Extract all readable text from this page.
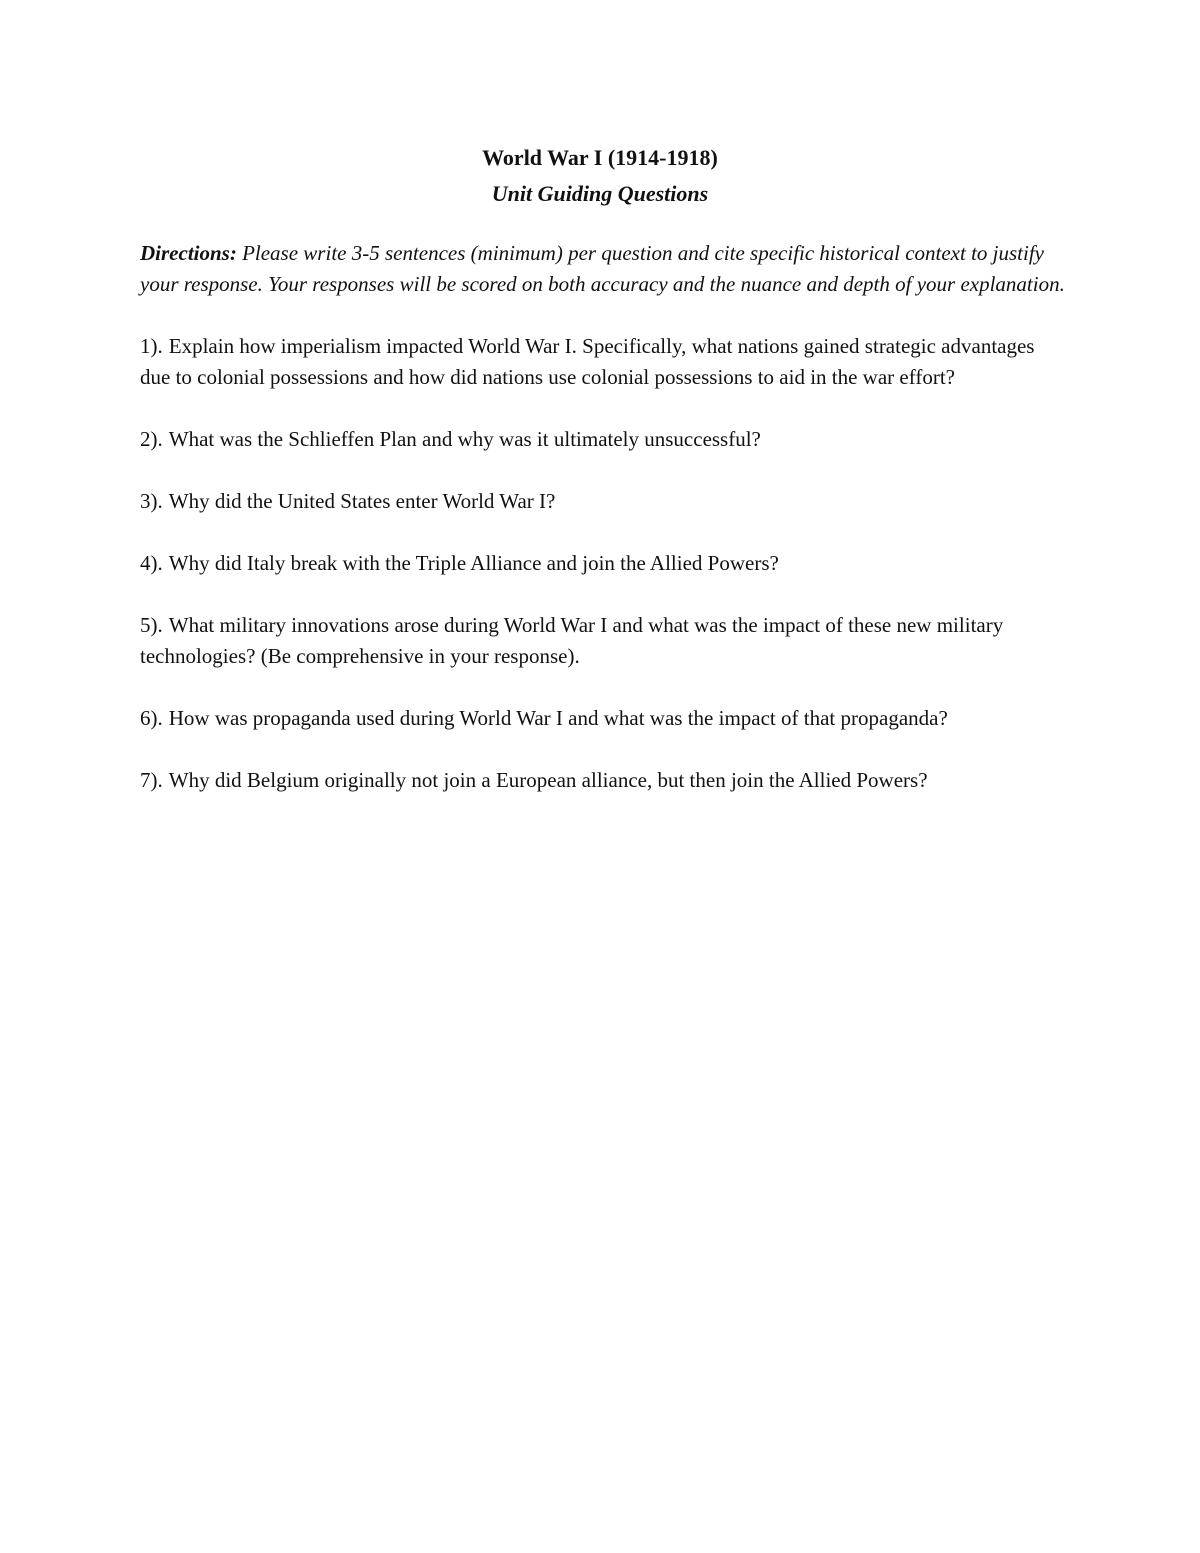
World War I (1914-1918)

Unit Guiding Questions

Directions: Please write 3-5 sentences (minimum) per question and cite specific historical context to justify your response. Your responses will be scored on both accuracy and the nuance and depth of your explanation.

1). Explain how imperialism impacted World War I. Specifically, what nations gained strategic advantages due to colonial possessions and how did nations use colonial possessions to aid in the war effort?

2). What was the Schlieffen Plan and why was it ultimately unsuccessful?

3). Why did the United States enter World War I?

4). Why did Italy break with the Triple Alliance and join the Allied Powers?

5). What military innovations arose during World War I and what was the impact of these new military technologies? (Be comprehensive in your response).

6). How was propaganda used during World War I and what was the impact of that propaganda?

7). Why did Belgium originally not join a European alliance, but then join the Allied Powers?
